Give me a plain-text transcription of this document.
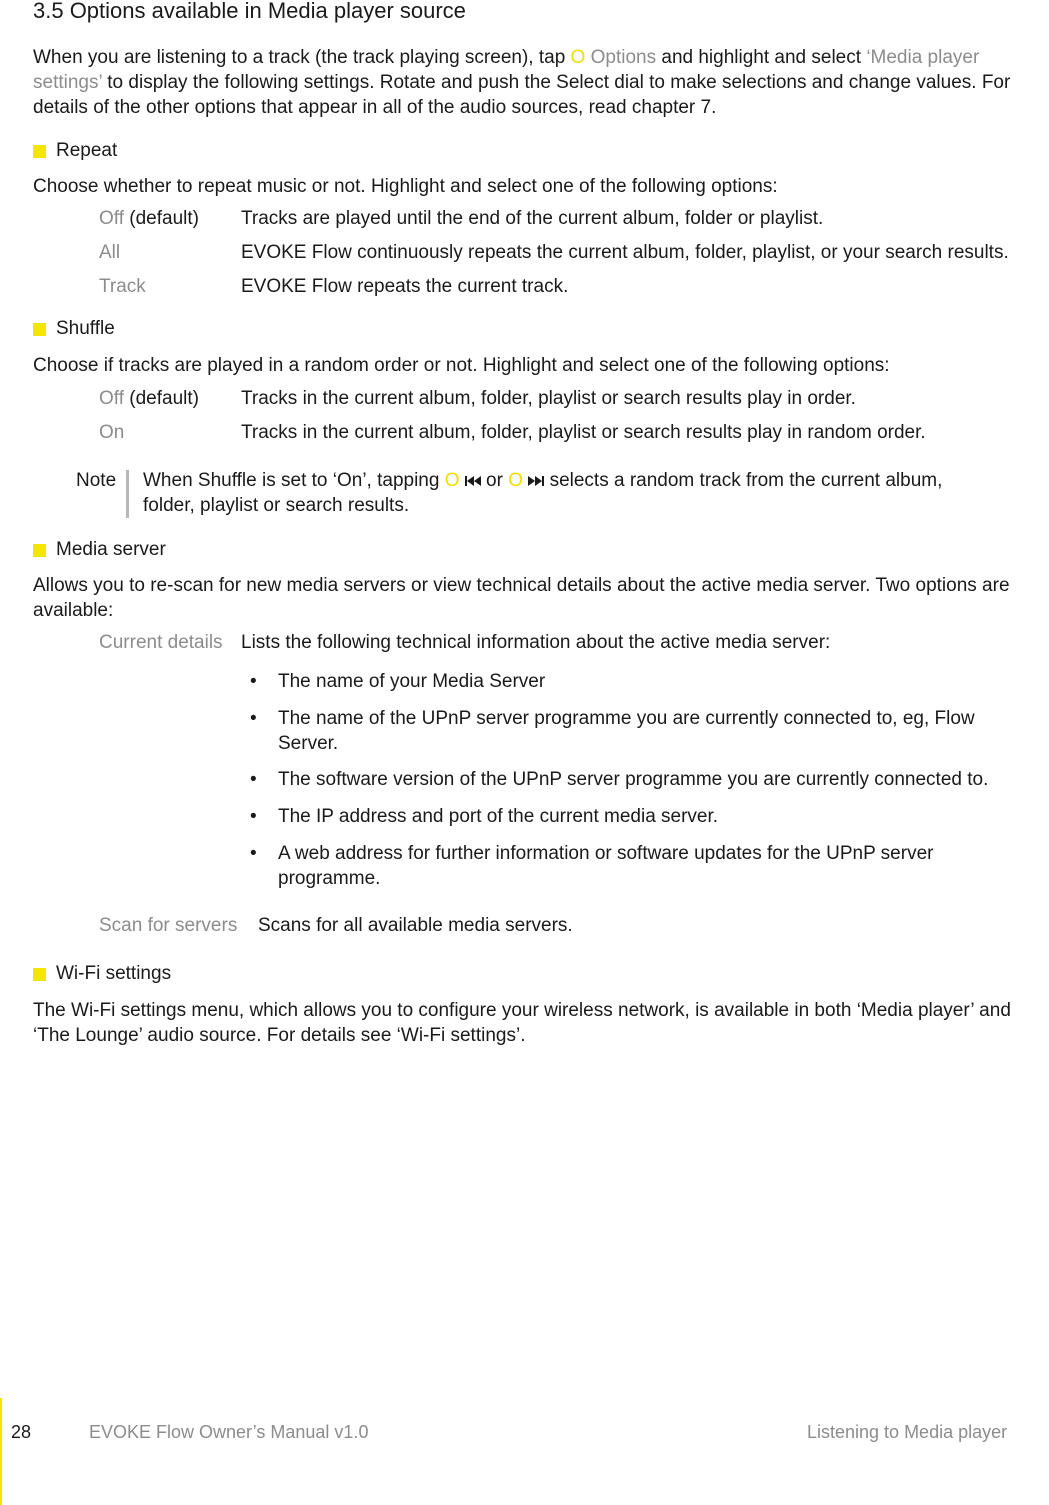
3.5 Options available in Media player source

When you are listening to a track (the track playing screen), tap O Options and highlight and select ‘Media player settings’ to display the following settings. Rotate and push the Select dial to make selections and change values. For details of the other options that appear in all of the audio sources, read chapter 7.

Repeat

Choose whether to repeat music or not. Highlight and select one of the following options:

Off (default) Tracks are played until the end of the current album, folder or playlist.
All	EVOKE Flow continuously repeats the current album, folder, playlist, or your search results.
Track	EVOKE Flow repeats the current track.
Shuffle

Choose if tracks are played in a random order or not. Highlight and select one of the following options:

Off (default) Tracks in the current album, folder, playlist or search results play in order.
On	Tracks in the current album, folder, playlist or search results play in random order.
Note When Shuffle is set to ‘On’, tapping O  or O  selects a random track from the current album,
folder, playlist or search results.
Media server

Allows you to re-scan for new media servers or view technical details about the active media server. Two options are available:

Current details Lists the following technical information about the active media server:
• The name of your Media Server
• The name of the UPnP server programme you are currently connected to, eg, Flow Server.
• The software version of the UPnP server programme you are currently connected to.
• The IP address and port of the current media server.
• A web address for further information or software updates for the UPnP server programme.
Scan for servers Scans for all available media servers.
Wi-Fi settings

The Wi-Fi settings menu, which allows you to configure your wireless network, is available in both ‘Media player’ and ‘The Lounge’ audio source. For details see ‘Wi-Fi settings’.

28	EVOKE Flow Owner’s Manual v1.0	Listening to Media player
